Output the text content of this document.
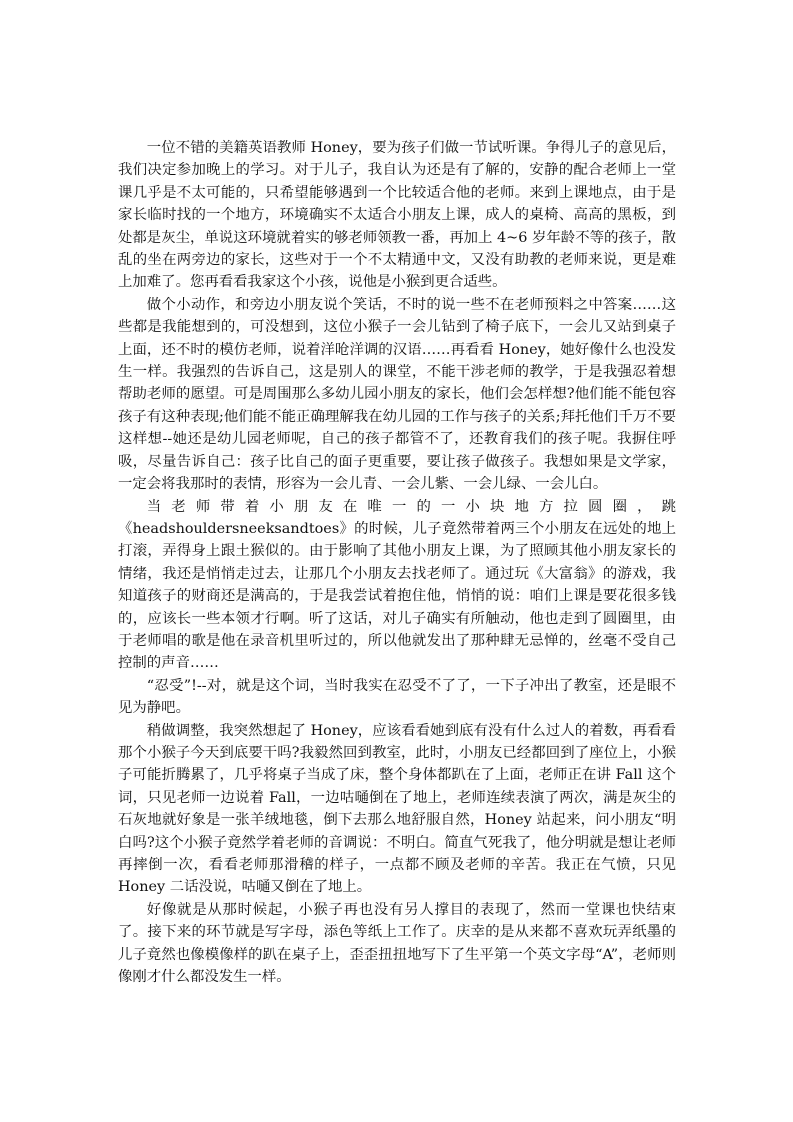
一位不错的美籍英语教师 Honey，要为孩子们做一节试听课。争得儿子的意见后，我们决定参加晚上的学习。对于儿子，我自认为还是有了解的，安静的配合老师上一堂课几乎是不太可能的，只希望能够遇到一个比较适合他的老师。来到上课地点，由于是家长临时找的一个地方，环境确实不太适合小朋友上课，成人的桌椅、高高的黑板，到处都是灰尘，单说这环境就着实的够老师领教一番，再加上 4~6 岁年龄不等的孩子，散乱的坐在两旁边的家长，这些对于一个不太精通中文，又没有助教的老师来说，更是难上加难了。您再看看我家这个小孩，说他是小猴到更合适些。

做个小动作，和旁边小朋友说个笑话，不时的说一些不在老师预料之中答案……这些都是我能想到的，可没想到，这位小猴子一会儿钻到了椅子底下，一会儿又站到桌子上面，还不时的模仿老师，说着洋呛洋调的汉语……再看看 Honey，她好像什么也没发生一样。我强烈的告诉自己，这是别人的课堂，不能干涉老师的教学，于是我强忍着想帮助老师的愿望。可是周围那么多幼儿园小朋友的家长，他们会怎样想?他们能不能包容孩子有这种表现;他们能不能正确理解我在幼儿园的工作与孩子的关系;拜托他们千万不要这样想--她还是幼儿园老师呢，自己的孩子都管不了，还教育我们的孩子呢。我摒住呼吸，尽量告诉自己：孩子比自己的面子更重要，要让孩子做孩子。我想如果是文学家，一定会将我那时的表情，形容为一会儿青、一会儿紫、一会儿绿、一会儿白。

当老师带着小朋友在唯一的一小块地方拉圆圈，跳《headshouldersneeksandtoes》的时候，儿子竟然带着两三个小朋友在远处的地上打滚，弄得身上跟土猴似的。由于影响了其他小朋友上课，为了照顾其他小朋友家长的情绪，我还是悄悄走过去，让那几个小朋友去找老师了。通过玩《大富翁》的游戏，我知道孩子的财商还是满高的，于是我尝试着抱住他，悄悄的说：咱们上课是要花很多钱的，应该长一些本领才行啊。听了这话，对儿子确实有所触动，他也走到了圆圈里，由于老师唱的歌是他在录音机里听过的，所以他就发出了那种肆无忌惮的，丝毫不受自己控制的声音……

“忍受”!--对，就是这个词，当时我实在忍受不了了，一下子冲出了教室，还是眼不见为静吧。

稍做调整，我突然想起了 Honey，应该看看她到底有没有什么过人的着数，再看看那个小猴子今天到底要干吗?我毅然回到教室，此时，小朋友已经都回到了座位上，小猴子可能折腾累了，几乎将桌子当成了床，整个身体都趴在了上面，老师正在讲 Fall 这个词，只见老师一边说着 Fall，一边咕嗵倒在了地上，老师连续表演了两次，满是灰尘的石灰地就好象是一张羊绒地毯，倒下去那么地舒服自然，Honey 站起来，问小朋友“明白吗?这个小猴子竟然学着老师的音调说：不明白。简直气死我了，他分明就是想让老师再摔倒一次，看看老师那滑稽的样子，一点都不顾及老师的辛苦。我正在气愤，只见 Honey 二话没说，咕嗵又倒在了地上。

好像就是从那时候起，小猴子再也没有另人撑目的表现了，然而一堂课也快结束了。接下来的环节就是写字母，添色等纸上工作了。庆幸的是从来都不喜欢玩弄纸墨的儿子竟然也像模像样的趴在桌子上，歪歪扭扭地写下了生平第一个英文字母“A”，老师则像刚才什么都没发生一样。
